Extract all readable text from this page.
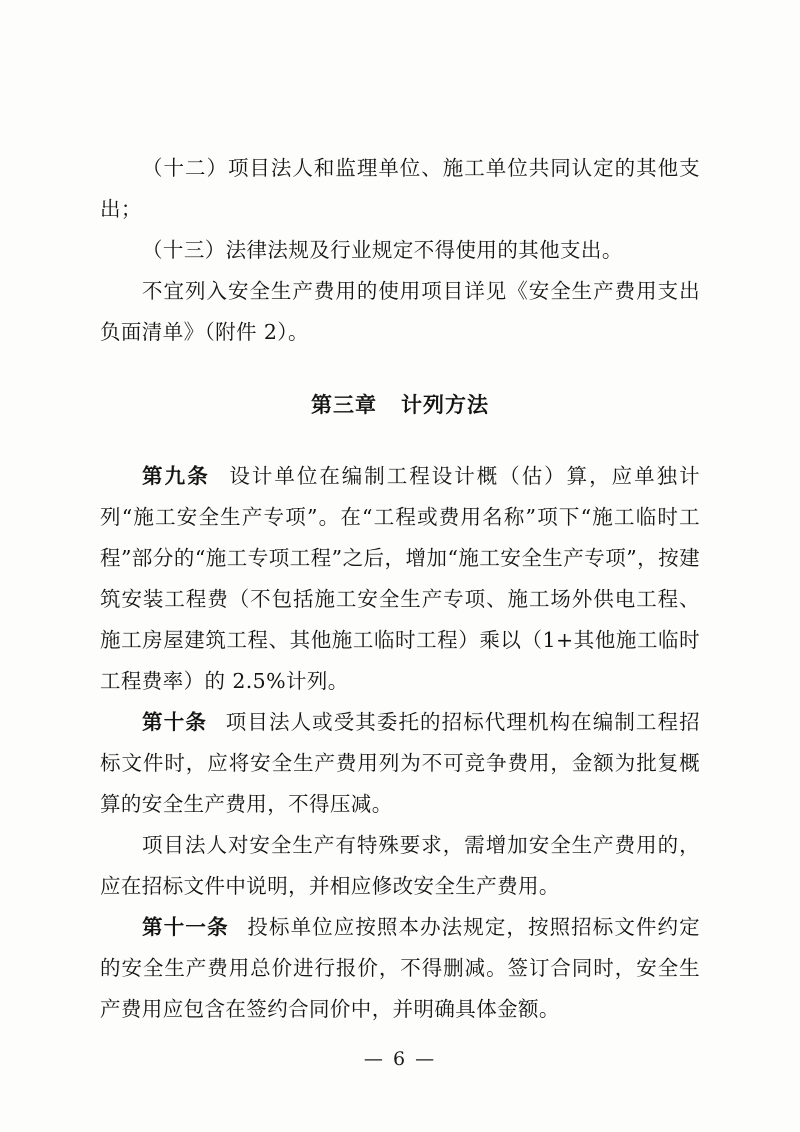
（十二）项目法人和监理单位、施工单位共同认定的其他支出；

（十三）法律法规及行业规定不得使用的其他支出。

不宜列入安全生产费用的使用项目详见《安全生产费用支出负面清单》（附件 2）。

第三章 计列方法

第九条 设计单位在编制工程设计概（估）算，应单独计列“施工安全生产专项”。在“工程或费用名称”项下“施工临时工程”部分的“施工专项工程”之后，增加“施工安全生产专项”，按建筑安装工程费（不包括施工安全生产专项、施工场外供电工程、施工房屋建筑工程、其他施工临时工程）乘以（1+其他施工临时工程费率）的 2.5%计列。

第十条 项目法人或受其委托的招标代理机构在编制工程招标文件时，应将安全生产费用列为不可竞争费用，金额为批复概算的安全生产费用，不得压减。

项目法人对安全生产有特殊要求，需增加安全生产费用的，应在招标文件中说明，并相应修改安全生产费用。

第十一条 投标单位应按照本办法规定，按照招标文件约定的安全生产费用总价进行报价，不得删减。签订合同时，安全生产费用应包含在签约合同价中，并明确具体金额。

— 6 —
